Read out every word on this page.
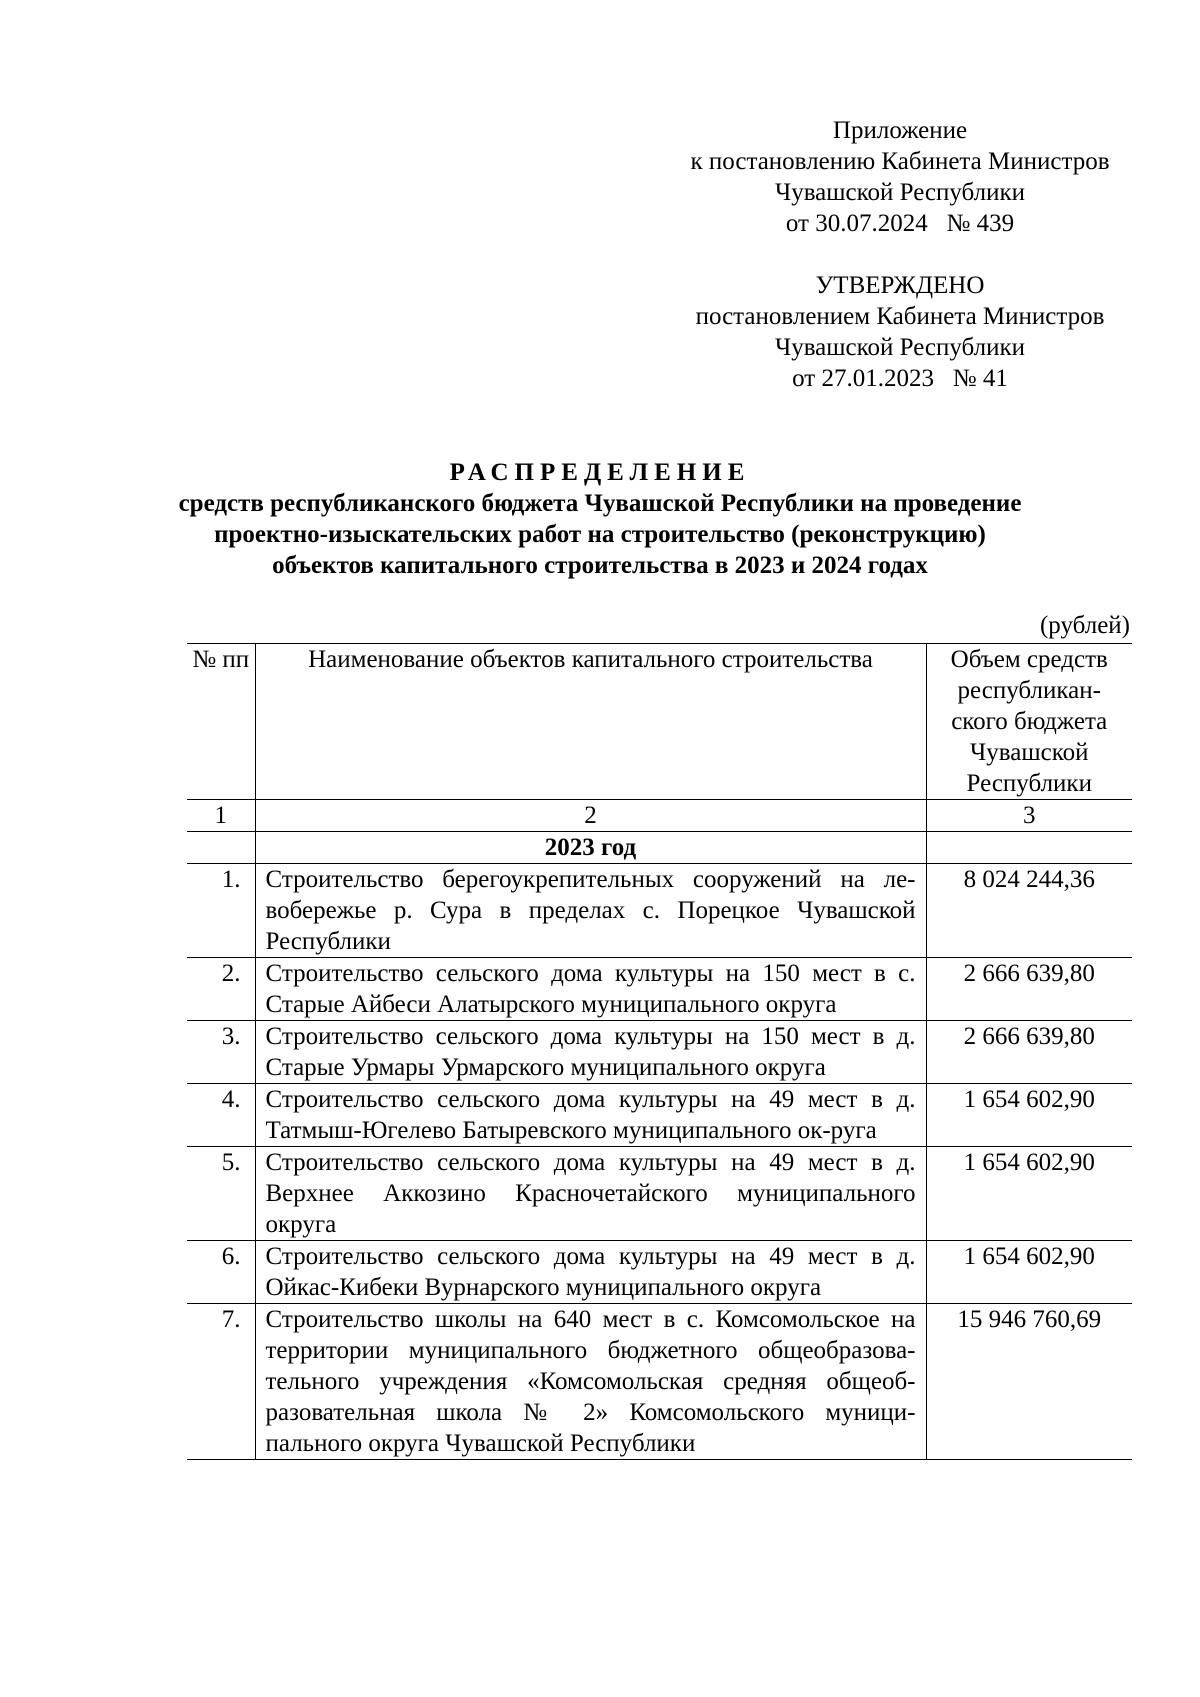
Приложение
к постановлению Кабинета Министров
Чувашской Республики
от 30.07.2024   № 439
УТВЕРЖДЕНО
постановлением Кабинета Министров
Чувашской Республики
от 27.01.2023   № 41
РАСПРЕДЕЛЕНИЕ
средств республиканского бюджета Чувашской Республики на проведение
проектно-изыскательских работ на строительство (реконструкцию)
объектов капитального строительства в 2023 и 2024 годах
(рублей)
№ пп	Наименование объектов капитального строительства	Объем средств республикан-ского бюджета Чувашской Республики
1	2	3
	2023 год	
1.	Строительство берегоукрепительных сооружений на ле-вобережье р. Сура в пределах с. Порецкое Чувашской Республики	8 024 244,36
2.	Строительство сельского дома культуры на 150 мест в с. Старые Айбеси Алатырского муниципального округа	2 666 639,80
3.	Строительство сельского дома культуры на 150 мест в д. Старые Урмары Урмарского муниципального округа	2 666 639,80
4.	Строительство сельского дома культуры на 49 мест в д. Татмыш-Югелево Батыревского муниципального ок-руга	1 654 602,90
5.	Строительство сельского дома культуры на 49 мест в д. Верхнее Аккозино Красночетайского муниципального округа	1 654 602,90
6.	Строительство сельского дома культуры на 49 мест в д. Ойкас-Кибеки Вурнарского муниципального округа	1 654 602,90
7.	Строительство школы на 640 мест в с. Комсомольское на территории муниципального бюджетного общеобразова-тельного учреждения «Комсомольская средняя общеоб-разовательная школа № 2» Комсомольского муници-пального округа Чувашской Республики	15 946 760,69
